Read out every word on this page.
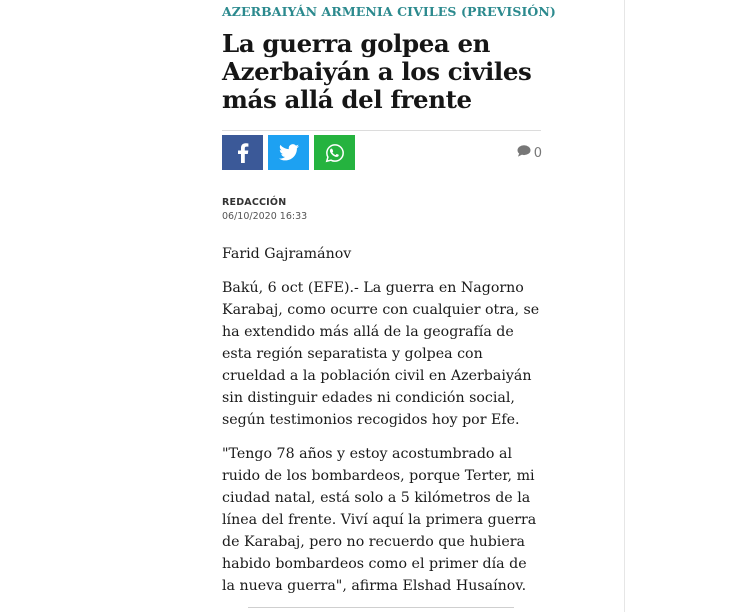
AZERBAIYÁN ARMENIA CIVILES (PREVISIÓN)
La guerra golpea en Azerbaiyán a los civiles más allá del frente
0
REDACCIÓN
06/10/2020 16:33

Farid Gajramánov

Bakú, 6 oct (EFE).- La guerra en Nagorno Karabaj, como ocurre con cualquier otra, se ha extendido más allá de la geografía de esta región separatista y golpea con crueldad a la población civil en Azerbaiyán sin distinguir edades ni condición social, según testimonios recogidos hoy por Efe.

"Tengo 78 años y estoy acostumbrado al ruido de los bombardeos, porque Terter, mi ciudad natal, está solo a 5 kilómetros de la línea del frente. Viví aquí la primera guerra de Karabaj, pero no recuerdo que hubiera habido bombardeos como el primer día de la nueva guerra", afirma Elshad Husaínov.
